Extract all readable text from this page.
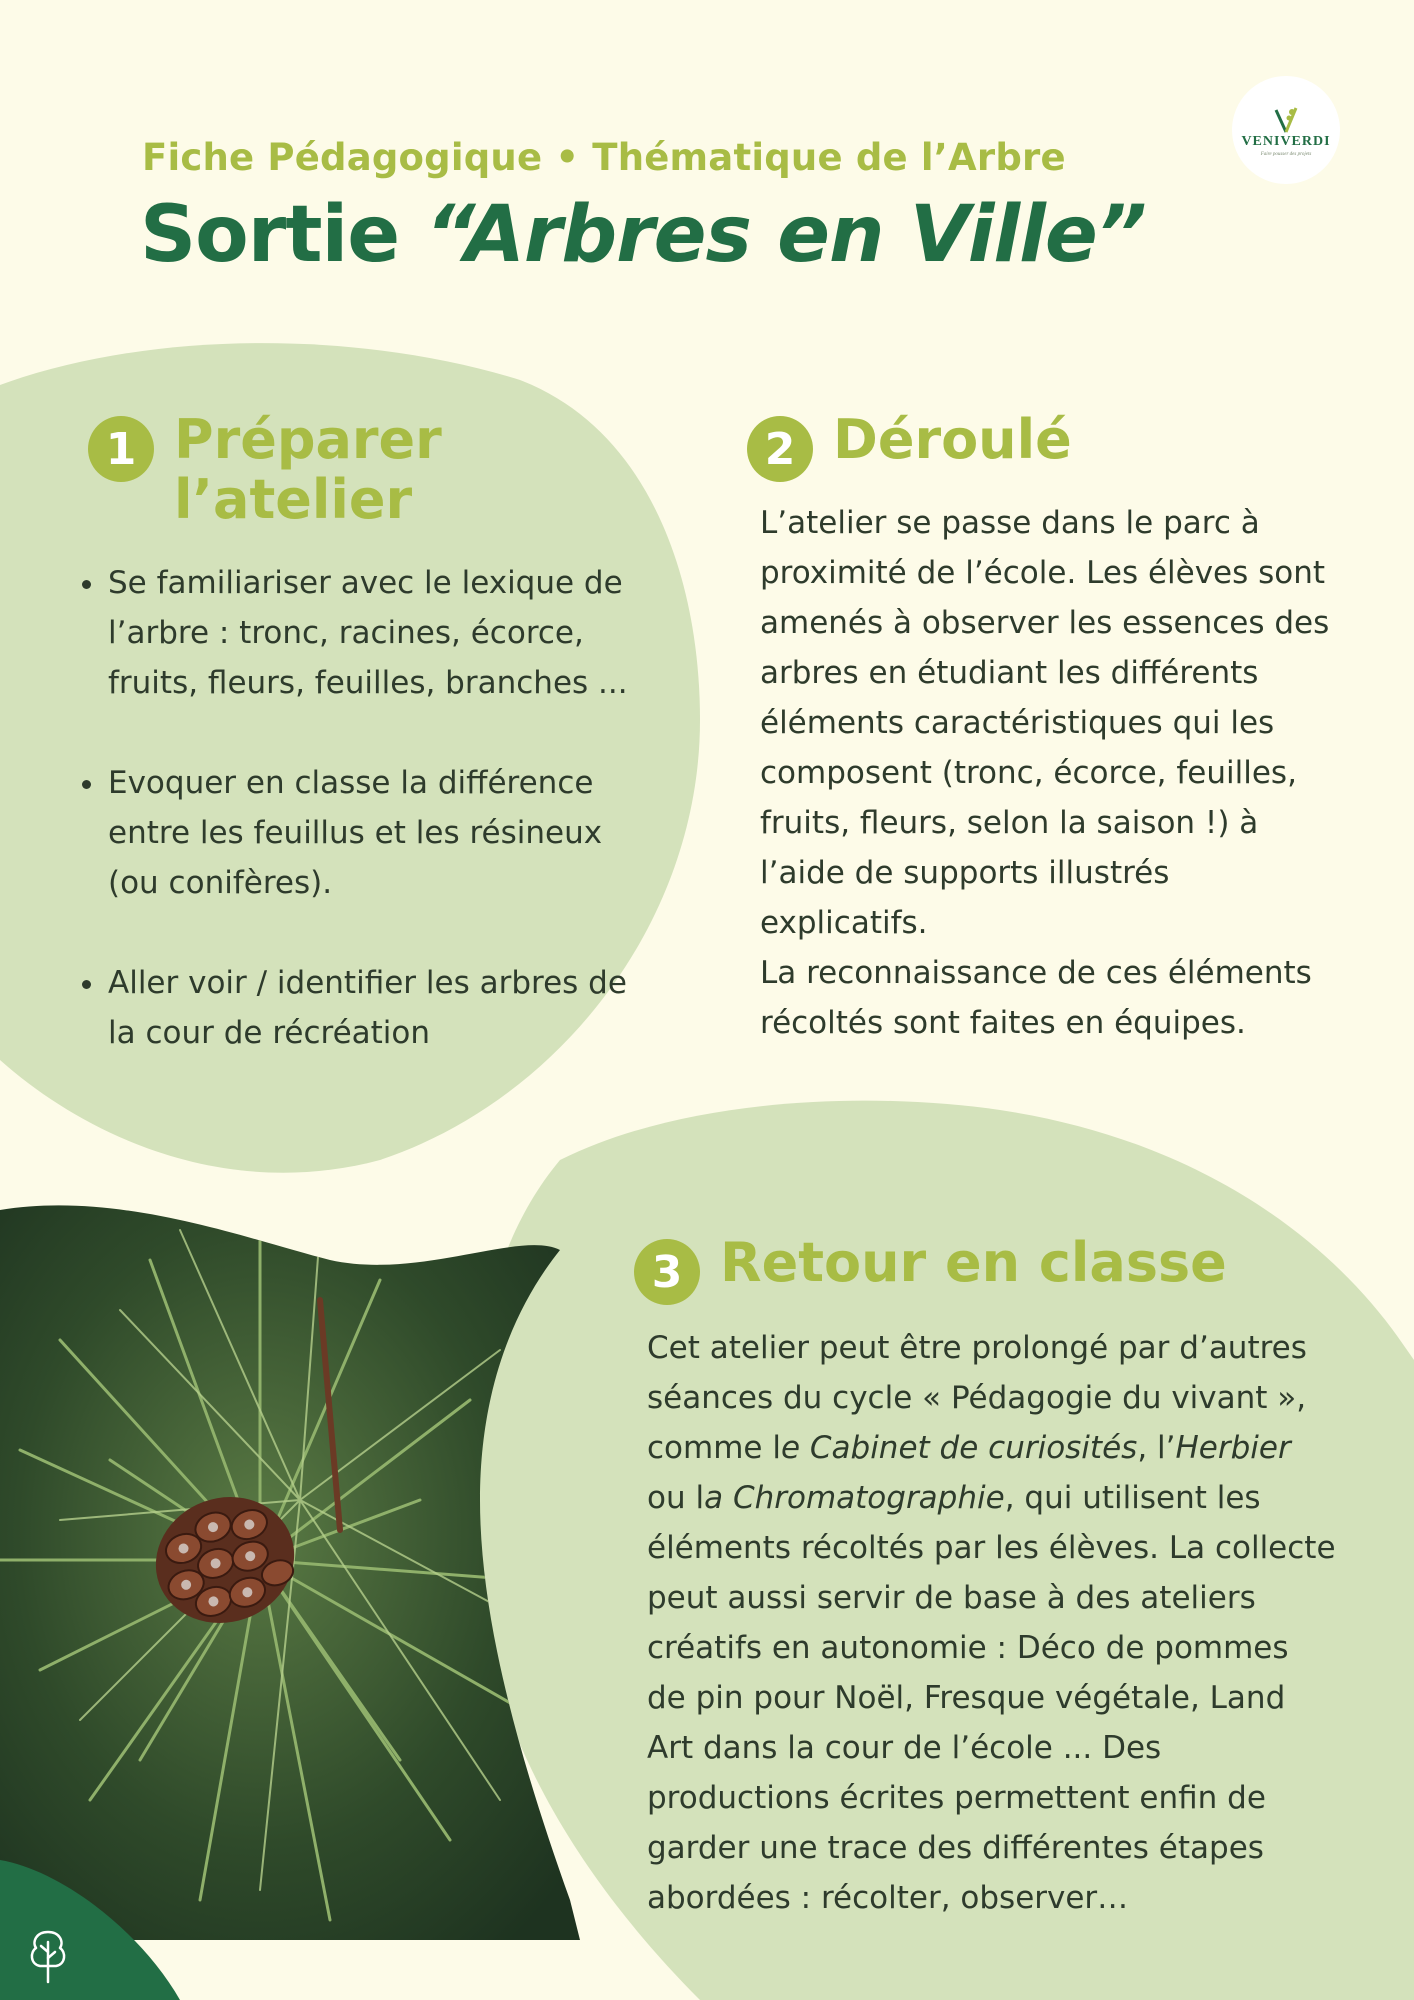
Fiche Pédagogique • Thématique de l’Arbre
Sortie “Arbres en Ville”
VENIVERDI
Faire pousser des projets
1 Préparer
l’atelier
Se familiariser avec le lexique de l’arbre : tronc, racines, écorce, fruits, fleurs, feuilles, branches ...
Evoquer en classe la différence entre les feuillus et les résineux (ou conifères).
Aller voir / identifier les arbres de la cour de récréation
2 Déroulé
L’atelier se passe dans le parc à proximité de l’école. Les élèves sont amenés à observer les essences des arbres en étudiant les différents éléments caractéristiques qui les composent (tronc, écorce, feuilles, fruits, fleurs, selon la saison !) à l’aide de supports illustrés explicatifs.
La reconnaissance de ces éléments récoltés sont faites en équipes.
3 Retour en classe
Cet atelier peut être prolongé par d’autres séances du cycle « Pédagogie du vivant », comme le Cabinet de curiosités, l’Herbier ou la Chromatographie, qui utilisent les éléments récoltés par les élèves. La collecte peut aussi servir de base à des ateliers créatifs en autonomie : Déco de pommes de pin pour Noël, Fresque végétale, Land Art dans la cour de l’école ... Des productions écrites permettent enfin de garder une trace des différentes étapes abordées : récolter, observer…
